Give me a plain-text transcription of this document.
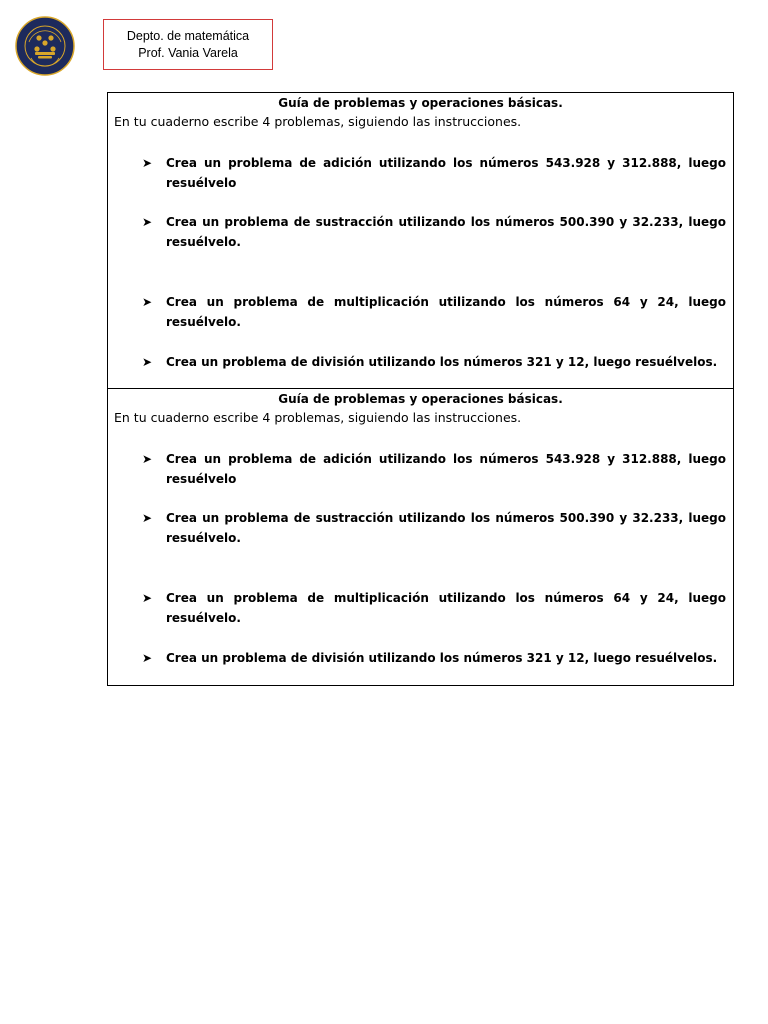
Depto. de matemática
Prof. Vania Varela
Guía de problemas y operaciones básicas.
En tu cuaderno escribe 4 problemas, siguiendo las instrucciones.
➤	Crea un problema de adición utilizando los números 543.928 y 312.888, luego resuélvelo
➤	Crea un problema de sustracción utilizando los números 500.390 y 32.233, luego resuélvelo.
➤	Crea un problema de multiplicación utilizando los números 64 y 24, luego resuélvelo.
➤	Crea un problema de división utilizando los números 321 y 12, luego resuélvelos.
Guía de problemas y operaciones básicas.
En tu cuaderno escribe 4 problemas, siguiendo las instrucciones.
➤	Crea un problema de adición utilizando los números 543.928 y 312.888, luego resuélvelo
➤	Crea un problema de sustracción utilizando los números 500.390 y 32.233, luego resuélvelo.
➤	Crea un problema de multiplicación utilizando los números 64 y 24, luego resuélvelo.
➤	Crea un problema de división utilizando los números 321 y 12, luego resuélvelos.
